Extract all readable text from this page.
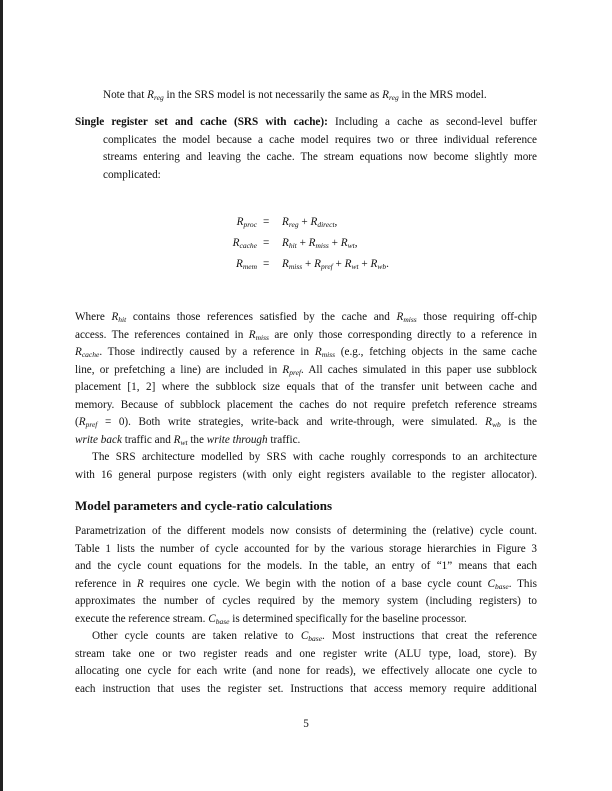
Note that $R_{reg}$ in the SRS model is not necessarily the same as $R_{reg}$ in the MRS model.
Single register set and cache (SRS with cache): Including a cache as second-level buffer
complicates the model because a cache model requires two or three individual reference
streams entering and leaving the cache. The stream equations now become slightly more
complicated:
$R_{proc} = R_{reg} + R_{direct}$,
$R_{cache} = R_{hit} + R_{miss} + R_{wt}$,
$R_{mem} = R_{miss} + R_{pref} + R_{wt} + R_{wb}$.
Where $R_{hit}$ contains those references satisfied by the cache and $R_{miss}$ those requiring off-chip
access. The references contained in $R_{miss}$ are only those corresponding directly to a reference in
$R_{cache}$. Those indirectly caused by a reference in $R_{miss}$ (e.g., fetching objects in the same cache
line, or prefetching a line) are included in $R_{pref}$. All caches simulated in this paper use subblock
placement [1, 2] where the subblock size equals that of the transfer unit between cache and
memory. Because of subblock placement the caches do not require prefetch reference streams
$(R_{pref} = 0)$. Both write strategies, write-back and write-through, were simulated. $R_{wb}$ is the
write back traffic and $R_{wt}$ the write through traffic.
The SRS architecture modelled by SRS with cache roughly corresponds to an architecture
with 16 general purpose registers (with only eight registers available to the register allocator).
Model parameters and cycle-ratio calculations
Parametrization of the different models now consists of determining the (relative) cycle count.
Table 1 lists the number of cycle accounted for by the various storage hierarchies in Figure 3
and the cycle count equations for the models. In the table, an entry of “1” means that each
reference in R requires one cycle. We begin with the notion of a base cycle count $C_{base}$. This
approximates the number of cycles required by the memory system (including registers) to
execute the reference stream. $C_{base}$ is determined specifically for the baseline processor.
Other cycle counts are taken relative to $C_{base}$. Most instructions that creat the reference
stream take one or two register reads and one register write (ALU type, load, store). By
allocating one cycle for each write (and none for reads), we effectively allocate one cycle to
each instruction that uses the register set. Instructions that access memory require additional
5
